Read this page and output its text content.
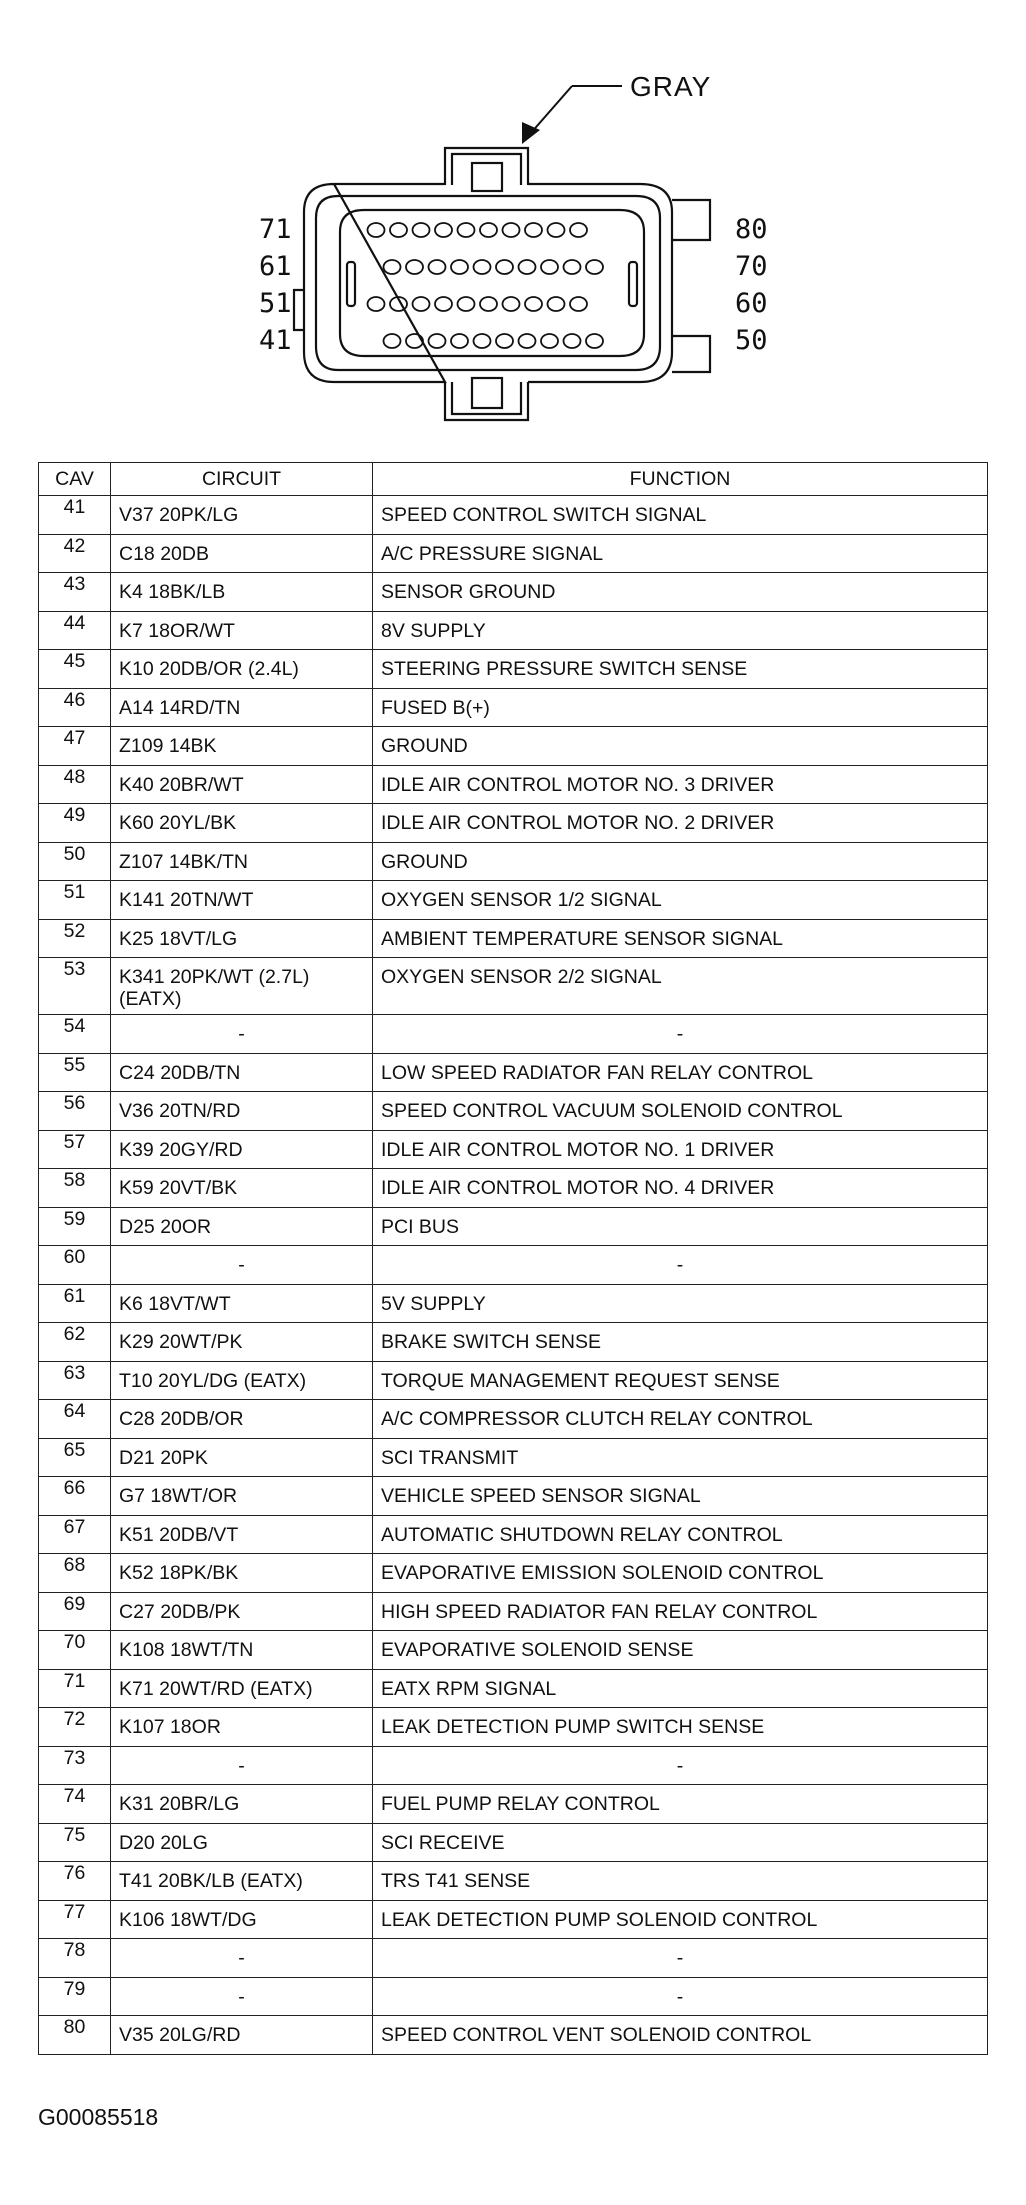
GRAY
71
61
51
41
80
70
60
50
CAV	CIRCUIT	FUNCTION
41	V37 20PK/LG	SPEED CONTROL SWITCH SIGNAL
42	C18 20DB	A/C PRESSURE SIGNAL
43	K4 18BK/LB	SENSOR GROUND
44	K7 18OR/WT	8V SUPPLY
45	K10 20DB/OR (2.4L)	STEERING PRESSURE SWITCH SENSE
46	A14 14RD/TN	FUSED B(+)
47	Z109 14BK	GROUND
48	K40 20BR/WT	IDLE AIR CONTROL MOTOR NO. 3 DRIVER
49	K60 20YL/BK	IDLE AIR CONTROL MOTOR NO. 2 DRIVER
50	Z107 14BK/TN	GROUND
51	K141 20TN/WT	OXYGEN SENSOR 1/2 SIGNAL
52	K25 18VT/LG	AMBIENT TEMPERATURE SENSOR SIGNAL
53	K341 20PK/WT (2.7L) (EATX)	OXYGEN SENSOR 2/2 SIGNAL
54	-	-
55	C24 20DB/TN	LOW SPEED RADIATOR FAN RELAY CONTROL
56	V36 20TN/RD	SPEED CONTROL VACUUM SOLENOID CONTROL
57	K39 20GY/RD	IDLE AIR CONTROL MOTOR NO. 1 DRIVER
58	K59 20VT/BK	IDLE AIR CONTROL MOTOR NO. 4 DRIVER
59	D25 20OR	PCI BUS
60	-	-
61	K6 18VT/WT	5V SUPPLY
62	K29 20WT/PK	BRAKE SWITCH SENSE
63	T10 20YL/DG (EATX)	TORQUE MANAGEMENT REQUEST SENSE
64	C28 20DB/OR	A/C COMPRESSOR CLUTCH RELAY CONTROL
65	D21 20PK	SCI TRANSMIT
66	G7 18WT/OR	VEHICLE SPEED SENSOR SIGNAL
67	K51 20DB/VT	AUTOMATIC SHUTDOWN RELAY CONTROL
68	K52 18PK/BK	EVAPORATIVE EMISSION SOLENOID CONTROL
69	C27 20DB/PK	HIGH SPEED RADIATOR FAN RELAY CONTROL
70	K108 18WT/TN	EVAPORATIVE SOLENOID SENSE
71	K71 20WT/RD (EATX)	EATX RPM SIGNAL
72	K107 18OR	LEAK DETECTION PUMP SWITCH SENSE
73	-	-
74	K31 20BR/LG	FUEL PUMP RELAY CONTROL
75	D20 20LG	SCI RECEIVE
76	T41 20BK/LB (EATX)	TRS T41 SENSE
77	K106 18WT/DG	LEAK DETECTION PUMP SOLENOID CONTROL
78	-	-
79	-	-
80	V35 20LG/RD	SPEED CONTROL VENT SOLENOID CONTROL
G00085518
